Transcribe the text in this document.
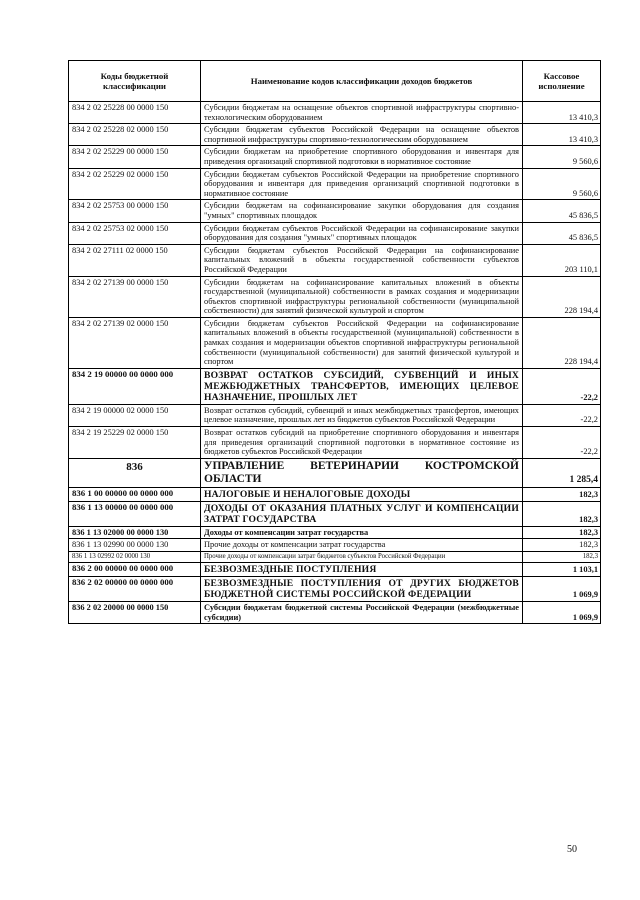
Коды бюджетной классификации	Наименование кодов классификации доходов бюджетов	Кассовое исполнение
834 2 02 25228 00 0000 150	Субсидии бюджетам на оснащение объектов спортивной инфраструктуры спортивно-технологическим оборудованием	13 410,3
834 2 02 25228 02 0000 150	Субсидии бюджетам субъектов Российской Федерации на оснащение объектов спортивной инфраструктуры спортивно-технологическим оборудованием	13 410,3
834 2 02 25229 00 0000 150	Субсидии бюджетам на приобретение спортивного оборудования и инвентаря для приведения организаций спортивной подготовки в нормативное состояние	9 560,6
834 2 02 25229 02 0000 150	Субсидии бюджетам субъектов Российской Федерации на приобретение спортивного оборудования и инвентаря для приведения организаций спортивной подготовки в нормативное состояние	9 560,6
834 2 02 25753 00 0000 150	Субсидии бюджетам на софинансирование закупки оборудования для создания "умных" спортивных площадок	45 836,5
834 2 02 25753 02 0000 150	Субсидии бюджетам субъектов Российской Федерации на софинансирование закупки оборудования для создания "умных" спортивных площадок	45 836,5
834 2 02 27111 02 0000 150	Субсидии бюджетам субъектов Российской Федерации на софинансирование капитальных вложений в объекты государственной собственности субъектов Российской Федерации	203 110,1
834 2 02 27139 00 0000 150	Субсидии бюджетам на софинансирование капитальных вложений в объекты государственной (муниципальной) собственности в рамках создания и модернизации объектов спортивной инфраструктуры региональной собственности (муниципальной собственности) для занятий физической культурой и спортом	228 194,4
834 2 02 27139 02 0000 150	Субсидии бюджетам субъектов Российской Федерации на софинансирование капитальных вложений в объекты государственной (муниципальной) собственности в рамках создания и модернизации объектов спортивной инфраструктуры региональной собственности (муниципальной собственности) для занятий физической культурой и спортом	228 194,4
834 2 19 00000 00 0000 000	ВОЗВРАТ ОСТАТКОВ СУБСИДИЙ, СУБВЕНЦИЙ И ИНЫХ МЕЖБЮДЖЕТНЫХ ТРАНСФЕРТОВ, ИМЕЮЩИХ ЦЕЛЕВОЕ НАЗНАЧЕНИЕ, ПРОШЛЫХ ЛЕТ	-22,2
834 2 19 00000 02 0000 150	Возврат остатков субсидий, субвенций и иных межбюджетных трансфертов, имеющих целевое назначение, прошлых лет из бюджетов субъектов Российской Федерации	-22,2
834 2 19 25229 02 0000 150	Возврат остатков субсидий на приобретение спортивного оборудования и инвентаря для приведения организаций спортивной подготовки в нормативное состояние из бюджетов субъектов Российской Федерации	-22,2
836	УПРАВЛЕНИЕ ВЕТЕРИНАРИИ КОСТРОМСКОЙ ОБЛАСТИ	1 285,4
836 1 00 00000 00 0000 000	НАЛОГОВЫЕ И НЕНАЛОГОВЫЕ ДОХОДЫ	182,3
836 1 13 00000 00 0000 000	ДОХОДЫ ОТ ОКАЗАНИЯ ПЛАТНЫХ УСЛУГ И КОМПЕНСАЦИИ ЗАТРАТ ГОСУДАРСТВА	182,3
836 1 13 02000 00 0000 130	Доходы от компенсации затрат государства	182,3
836 1 13 02990 00 0000 130	Прочие доходы от компенсации затрат государства	182,3
836 1 13 02992 02 0000 130	Прочие доходы от компенсации затрат бюджетов субъектов Российской Федерации	182,3
836 2 00 00000 00 0000 000	БЕЗВОЗМЕЗДНЫЕ ПОСТУПЛЕНИЯ	1 103,1
836 2 02 00000 00 0000 000	БЕЗВОЗМЕЗДНЫЕ ПОСТУПЛЕНИЯ ОТ ДРУГИХ БЮДЖЕТОВ БЮДЖЕТНОЙ СИСТЕМЫ РОССИЙСКОЙ ФЕДЕРАЦИИ	1 069,9
836 2 02 20000 00 0000 150	Субсидии бюджетам бюджетной системы Российской Федерации (межбюджетные субсидии)	1 069,9
50
